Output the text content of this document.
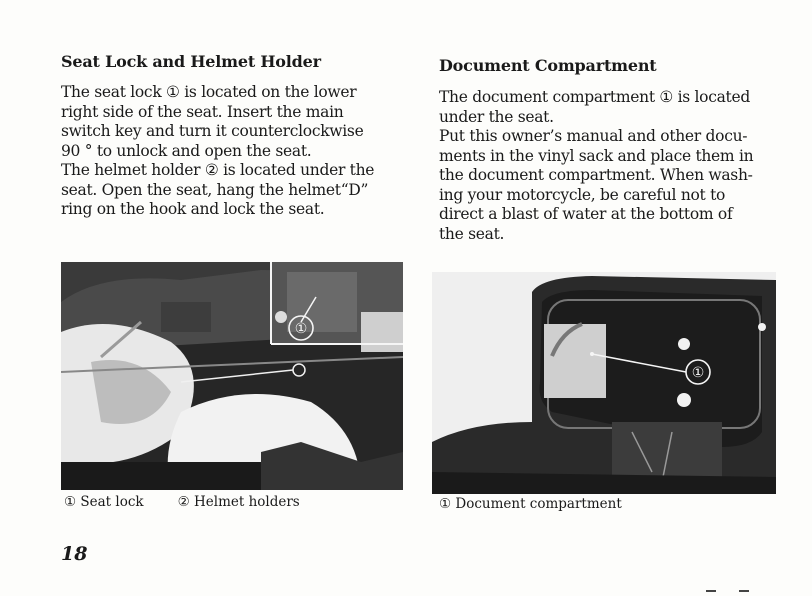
Seat Lock and Helmet Holder

The seat lock ① is located on the lower

right side of the seat. Insert the main

switch key and turn it counterclockwise

90 ° to unlock and open the seat.

The helmet holder ② is located under the

seat. Open the seat, hang the helmet“D”

ring on the hook and lock the seat.

①
① Seat lock	② Helmet holders
Document Compartment

The document compartment ① is located

under the seat.

Put this owner’s manual and other docu-

ments in the vinyl sack and place them in

the document compartment. When wash-

ing your motorcycle, be careful not to

direct a blast of water at the bottom of

the seat.

①
① Document compartment
18
